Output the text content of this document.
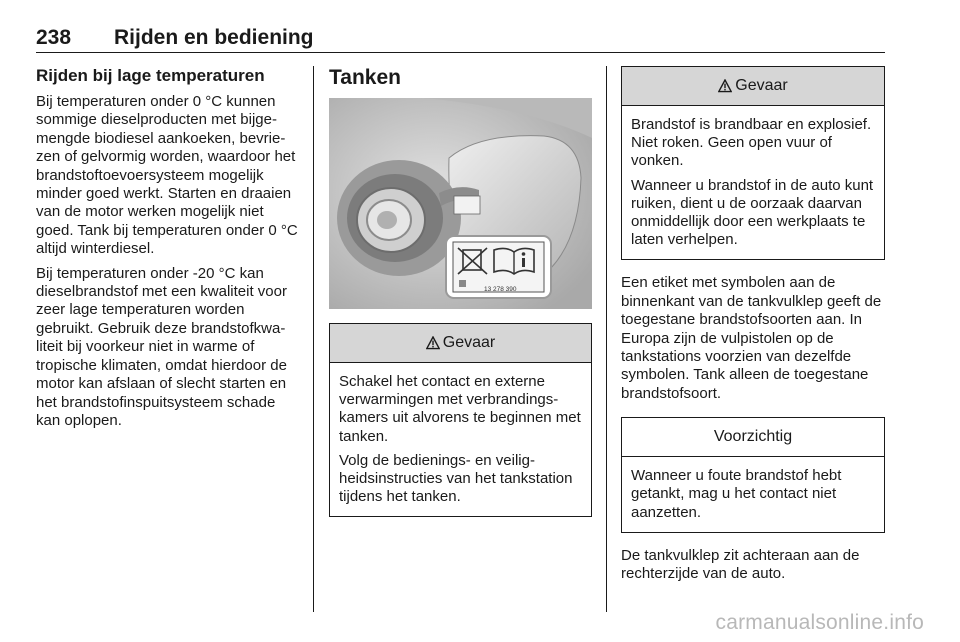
238 Rijden en bediening
Rijden bij lage temperaturen

Bij temperaturen onder 0 °C kunnen sommige dieselproducten met bijgemengde biodiesel aankoeken, bevriezen of gelvormig worden, waardoor het brandstoftoevoersysteem mogelijk minder goed werkt. Starten en draaien van de motor werken mogelijk niet goed. Tank bij temperaturen onder 0 °C altijd winterdiesel.

Bij temperaturen onder -20 °C kan dieselbrandstof met een kwaliteit voor zeer lage temperaturen worden gebruikt. Gebruik deze brandstofkwaliteit bij voorkeur niet in warme of tropische klimaten, omdat hierdoor de motor kan afslaan of slecht starten en het brandstofinspuitsysteem schade kan oplopen.

Tanken
13 278 390
Gevaar

Schakel het contact en externe verwarmingen met verbrandingskamers uit alvorens te beginnen met tanken.

Volg de bedienings- en veiligheidsinstructies van het tankstation tijdens het tanken.

Gevaar

Brandstof is brandbaar en explosief. Niet roken. Geen open vuur of vonken.

Wanneer u brandstof in de auto kunt ruiken, dient u de oorzaak daarvan onmiddellijk door een werkplaats te laten verhelpen.

Een etiket met symbolen aan de binnenkant van de tankvulklep geeft de toegestane brandstofsoorten aan. In Europa zijn de vulpistolen op de tankstations voorzien van dezelfde symbolen. Tank alleen de toegestane brandstofsoort.

Voorzichtig

Wanneer u foute brandstof hebt getankt, mag u het contact niet aanzetten.

De tankvulklep zit achteraan aan de rechterzijde van de auto.

carmanualsonline.info
